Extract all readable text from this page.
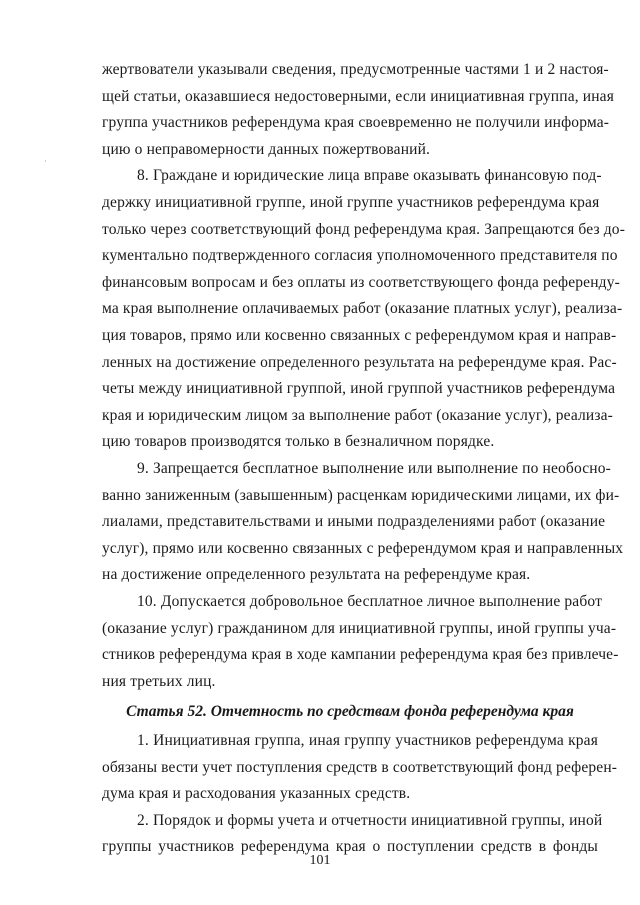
·
жертвователи указывали сведения, предусмотренные частями 1 и 2 настоя-
щей статьи, оказавшиеся недостоверными, если инициативная группа, иная
группа участников референдума края своевременно не получили информа-
цию о неправомерности данных пожертвований.
8. Граждане и юридические лица вправе оказывать финансовую под-
держку инициативной группе, иной группе участников референдума края
только через соответствующий фонд референдума края. Запрещаются без до-
кументально подтвержденного согласия уполномоченного представителя по
финансовым вопросам и без оплаты из соответствующего фонда референду-
ма края выполнение оплачиваемых работ (оказание платных услуг), реализа-
ция товаров, прямо или косвенно связанных с референдумом края и направ-
ленных на достижение определенного результата на референдуме края. Рас-
четы между инициативной группой, иной группой участников референдума
края и юридическим лицом за выполнение работ (оказание услуг), реализа-
цию товаров производятся только в безналичном порядке.
9. Запрещается бесплатное выполнение или выполнение по необосно-
ванно заниженным (завышенным) расценкам юридическими лицами, их фи-
лиалами, представительствами и иными подразделениями работ (оказание
услуг), прямо или косвенно связанных с референдумом края и направленных
на достижение определенного результата на референдуме края.
10. Допускается добровольное бесплатное личное выполнение работ
(оказание услуг) гражданином для инициативной группы, иной группы уча-
стников референдума края в ходе кампании референдума края без привлече-
ния третьих лиц.
Статья 52. Отчетность по средствам фонда референдума края
1. Инициативная группа, иная группу участников референдума края
обязаны вести учет поступления средств в соответствующий фонд референ-
дума края и расходования указанных средств.
2. Порядок и формы учета и отчетности инициативной группы, иной
101
группы участников референдума края о поступлении средств в фонды
